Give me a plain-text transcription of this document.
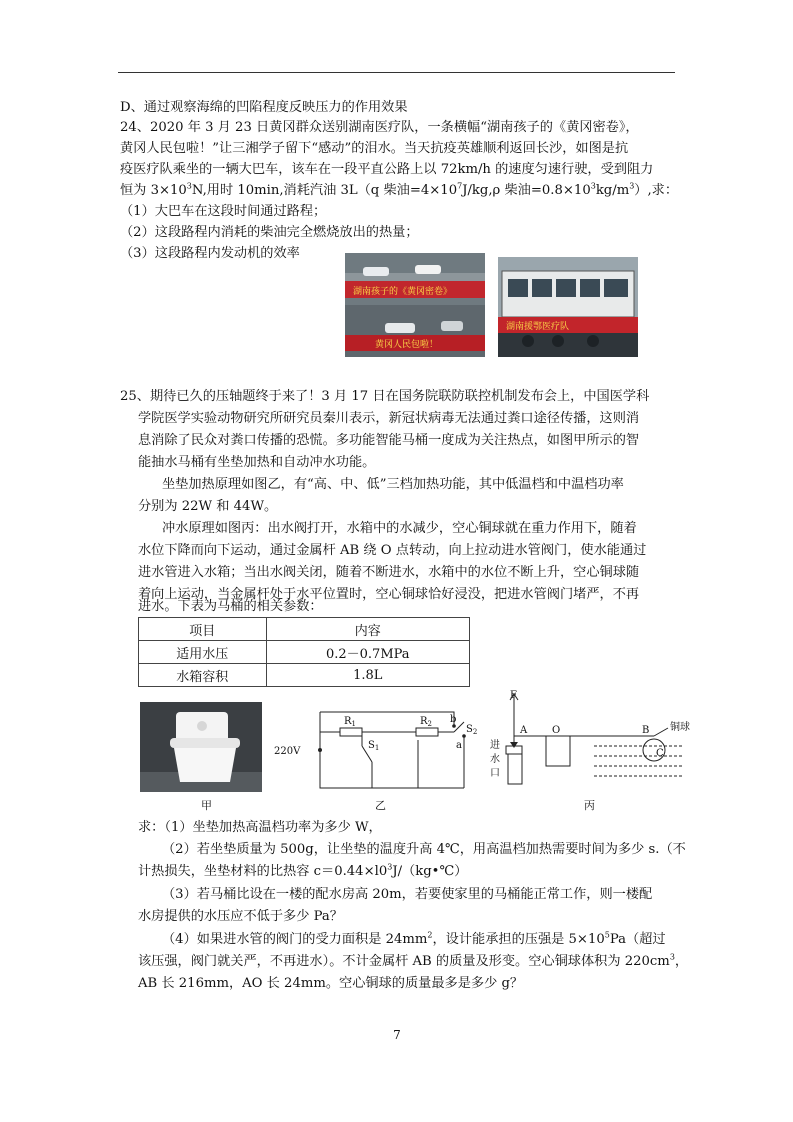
D、通过观察海绵的凹陷程度反映压力的作用效果
24、2020 年 3 月 23 日黄冈群众送别湖南医疗队，一条横幅“湖南孩子的《黄冈密卷》，
黄冈人民包啦！”让三湘学子留下“感动”的泪水。当天抗疫英雄顺利返回长沙，如图是抗
疫医疗队乘坐的一辆大巴车，该车在一段平直公路上以 72km/h 的速度匀速行驶，受到阻力
恒为 $3\times 10^3N$,用时 10min,消耗汽油 3L（q 柴油$=4\times 10^7J/kg,\rho$ 柴油$=0.8\times 10^3kg/m^3$）,求：
（1）大巴车在这段时间通过路程；
（2）这段路程内消耗的柴油完全燃烧放出的热量；
（3）这段路程内发动机的效率
湖南孩子的《黄冈密卷》
黄冈人民包啦！
湖南援鄂医疗队
25、期待已久的压轴题终于来了！3 月 17 日在国务院联防联控机制发布会上，中国医学科
学院医学实验动物研究所研究员秦川表示，新冠状病毒无法通过粪口途径传播，这则消
息消除了民众对粪口传播的恐慌。多功能智能马桶一度成为关注热点，如图甲所示的智
能抽水马桶有坐垫加热和自动冲水功能。
坐垫加热原理如图乙，有“高、中、低”三档加热功能，其中低温档和中温档功率
分别为 22W 和 44W。
冲水原理如图丙：出水阀打开，水箱中的水减少，空心铜球就在重力作用下，随着
水位下降而向下运动，通过金属杆 AB 绕 O 点转动，向上拉动进水管阀门，使水能通过
进水管进入水箱；当出水阀关闭，随着不断进水，水箱中的水位不断上升，空心铜球随
着向上运动，当金属杆处于水平位置时，空心铜球恰好浸没，把进水管阀门堵严，不再
进水。下表为马桶的相关参数：
项目	内容
适用水压	0.2－0.7MPa
水箱容积	1.8L
甲
220V
$R_1$	$R_2$
$S_1$
$S_2$
b
a
乙
F
A O	B
C
铜球
进
水
口
丙
求：（1）坐垫加热高温档功率为多少 W，
（2）若坐垫质量为 500g，让坐垫的温度升高 4℃，用高温档加热需要时间为多少 s.（不
计热损失，坐垫材料的比热容 $c=0.44\times l0^3J/(kg•℃)$
（3）若马桶比设在一楼的配水房高 20m，若要使家里的马桶能正常工作，则一楼配
水房提供的水压应不低于多少 Pa？
（4）如果进水管的阀门的受力面积是 $24mm^2$，设计能承担的压强是 $5\times 10^5Pa$（超过
该压强，阀门就关严，不再进水）。不计金属杆 AB 的质量及形变。空心铜球体积为 $220cm^3$，
AB 长 216mm，AO 长 24mm。空心铜球的质量最多是多少 g？
7
